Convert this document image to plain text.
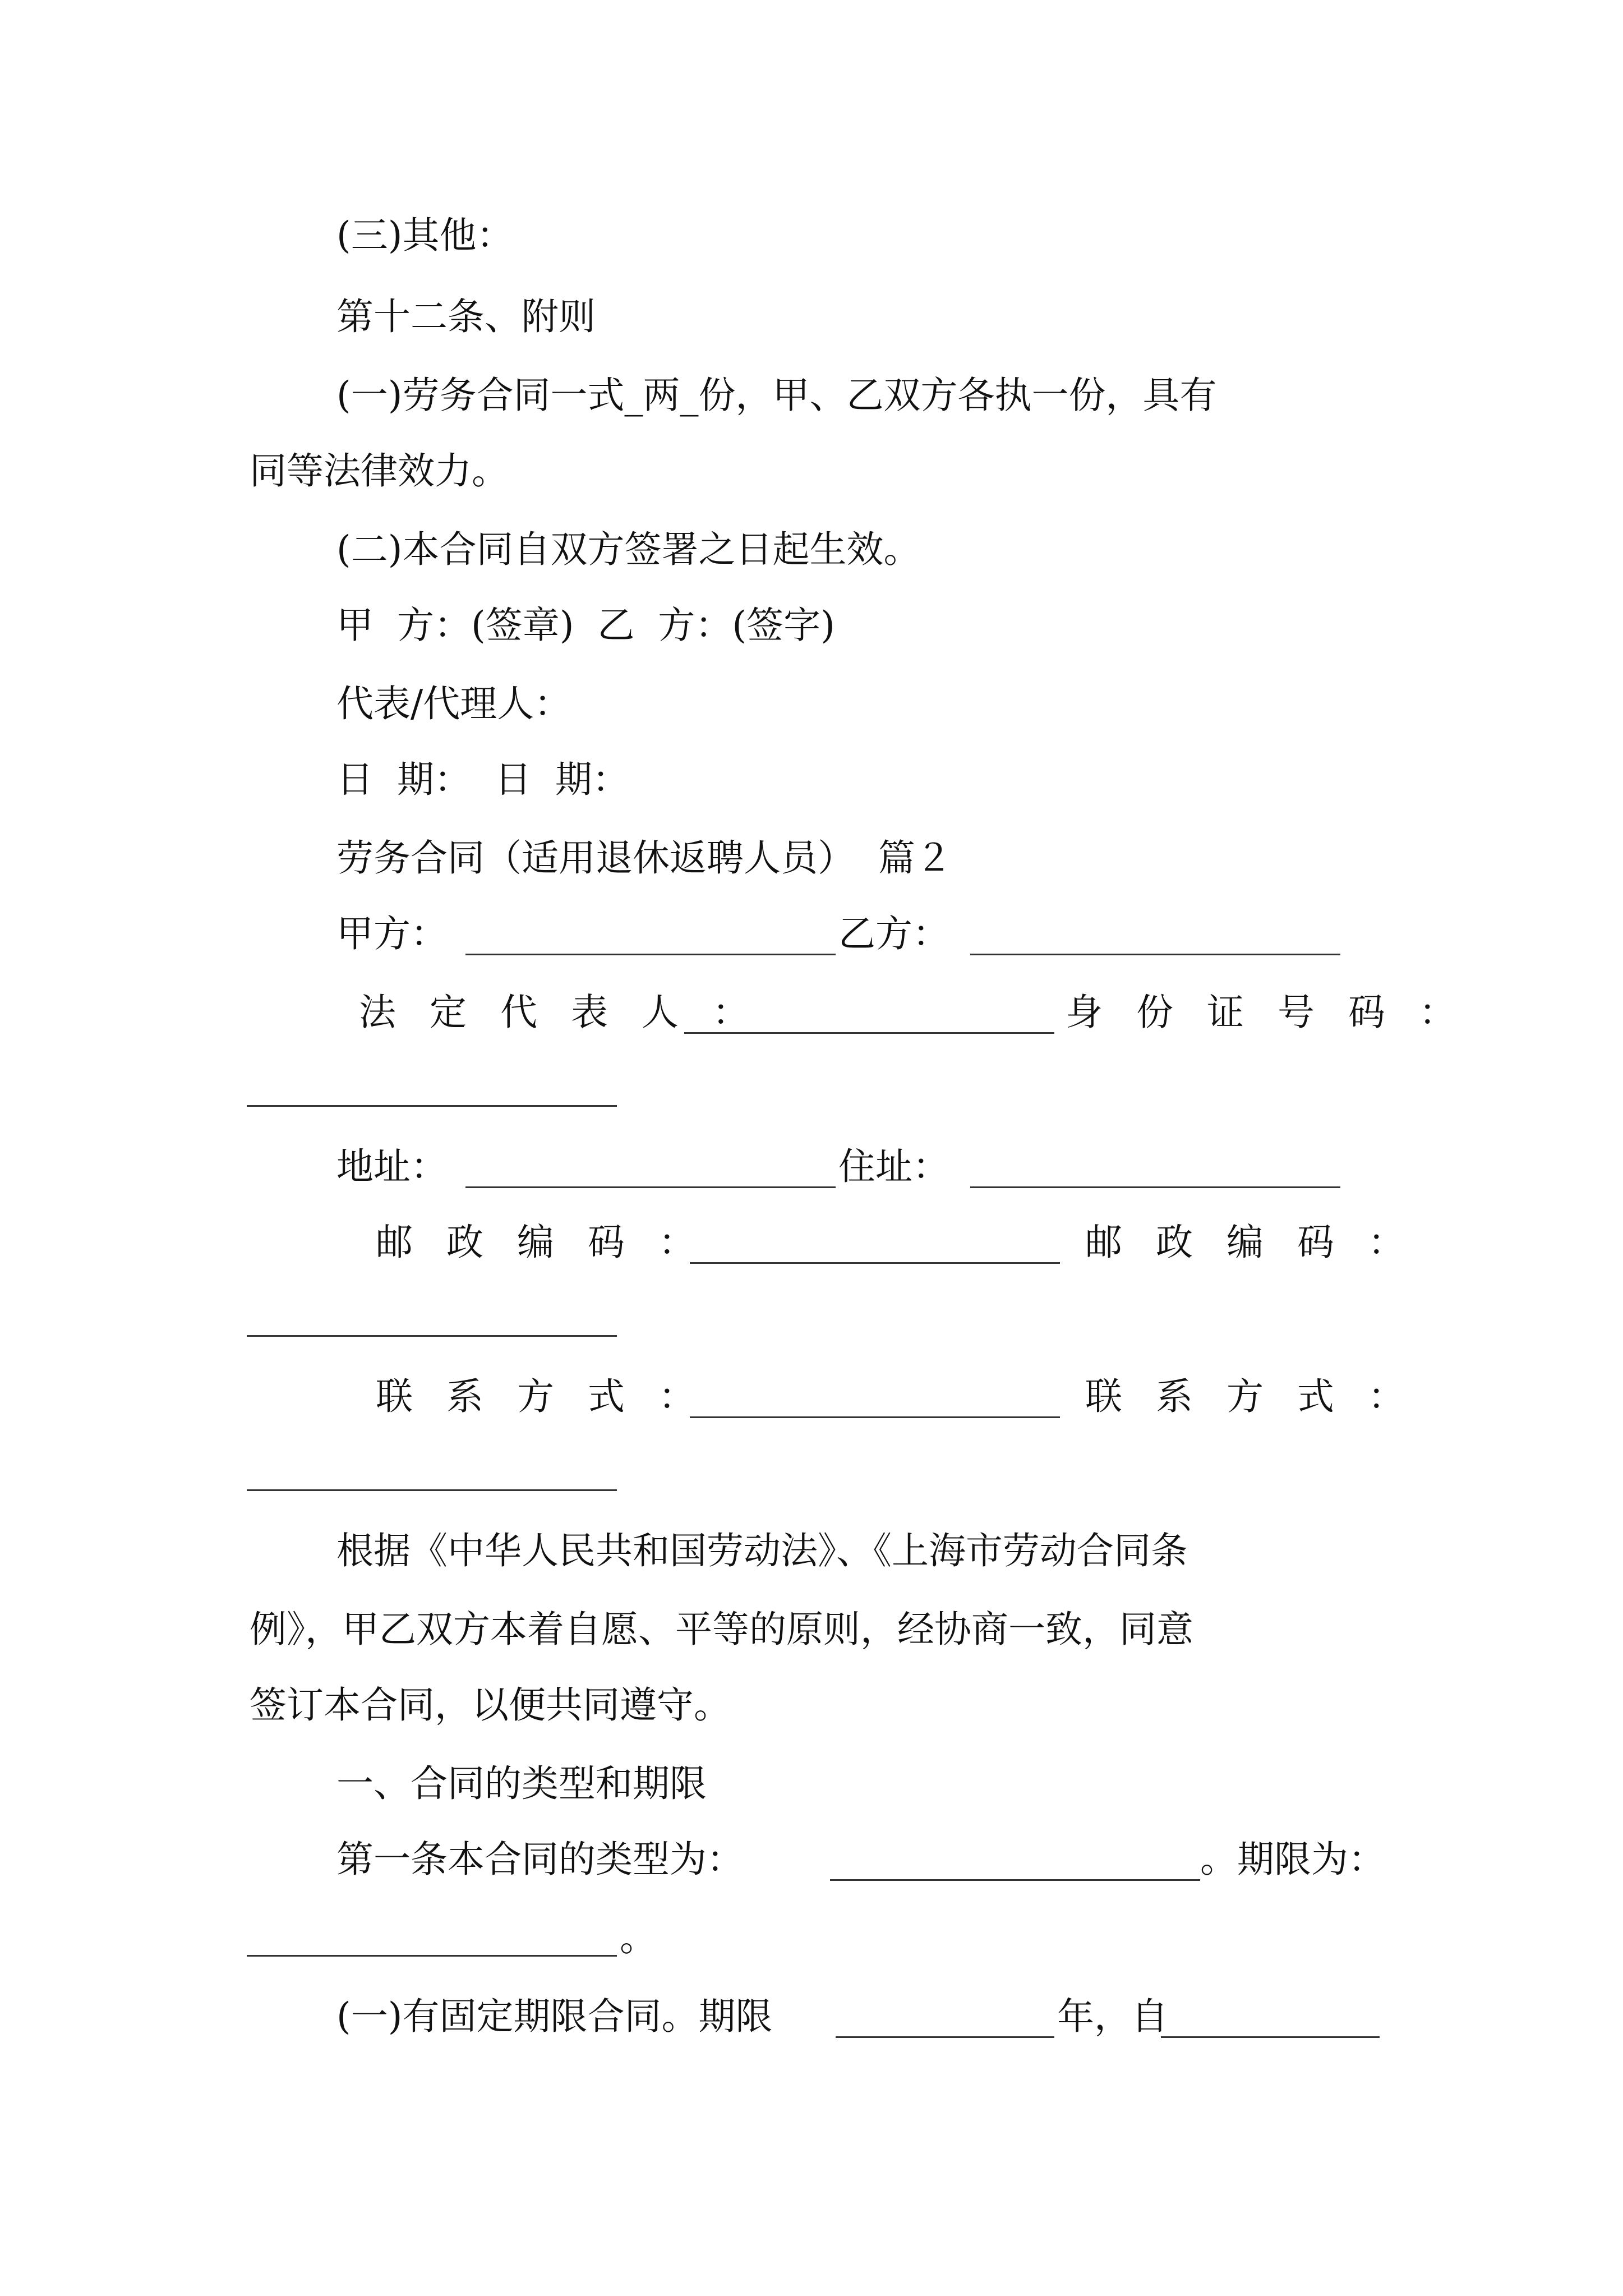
(三)其他：
第十二条、附则
(一)劳务合同一式_两_份，甲、乙双方各执一份，具有
同等法律效力。
(二)本合同自双方签署之日起生效。
甲  方：(签章)  乙  方：(签字)
代表/代理人：
日  期：  日  期：
劳务合同（适用退休返聘人员）  篇２
甲方：	乙方：
法定代表人：	身份证号码：
地址：	住址：
邮政编码：	邮政编码：
联系方式：	联系方式：
根据《中华人民共和国劳动法》、《上海市劳动合同条
例》，甲乙双方本着自愿、平等的原则，经协商一致，同意
签订本合同，以便共同遵守。
一、合同的类型和期限
第一条本合同的类型为：	。期限为：
。
(一)有固定期限合同。期限	年，自
